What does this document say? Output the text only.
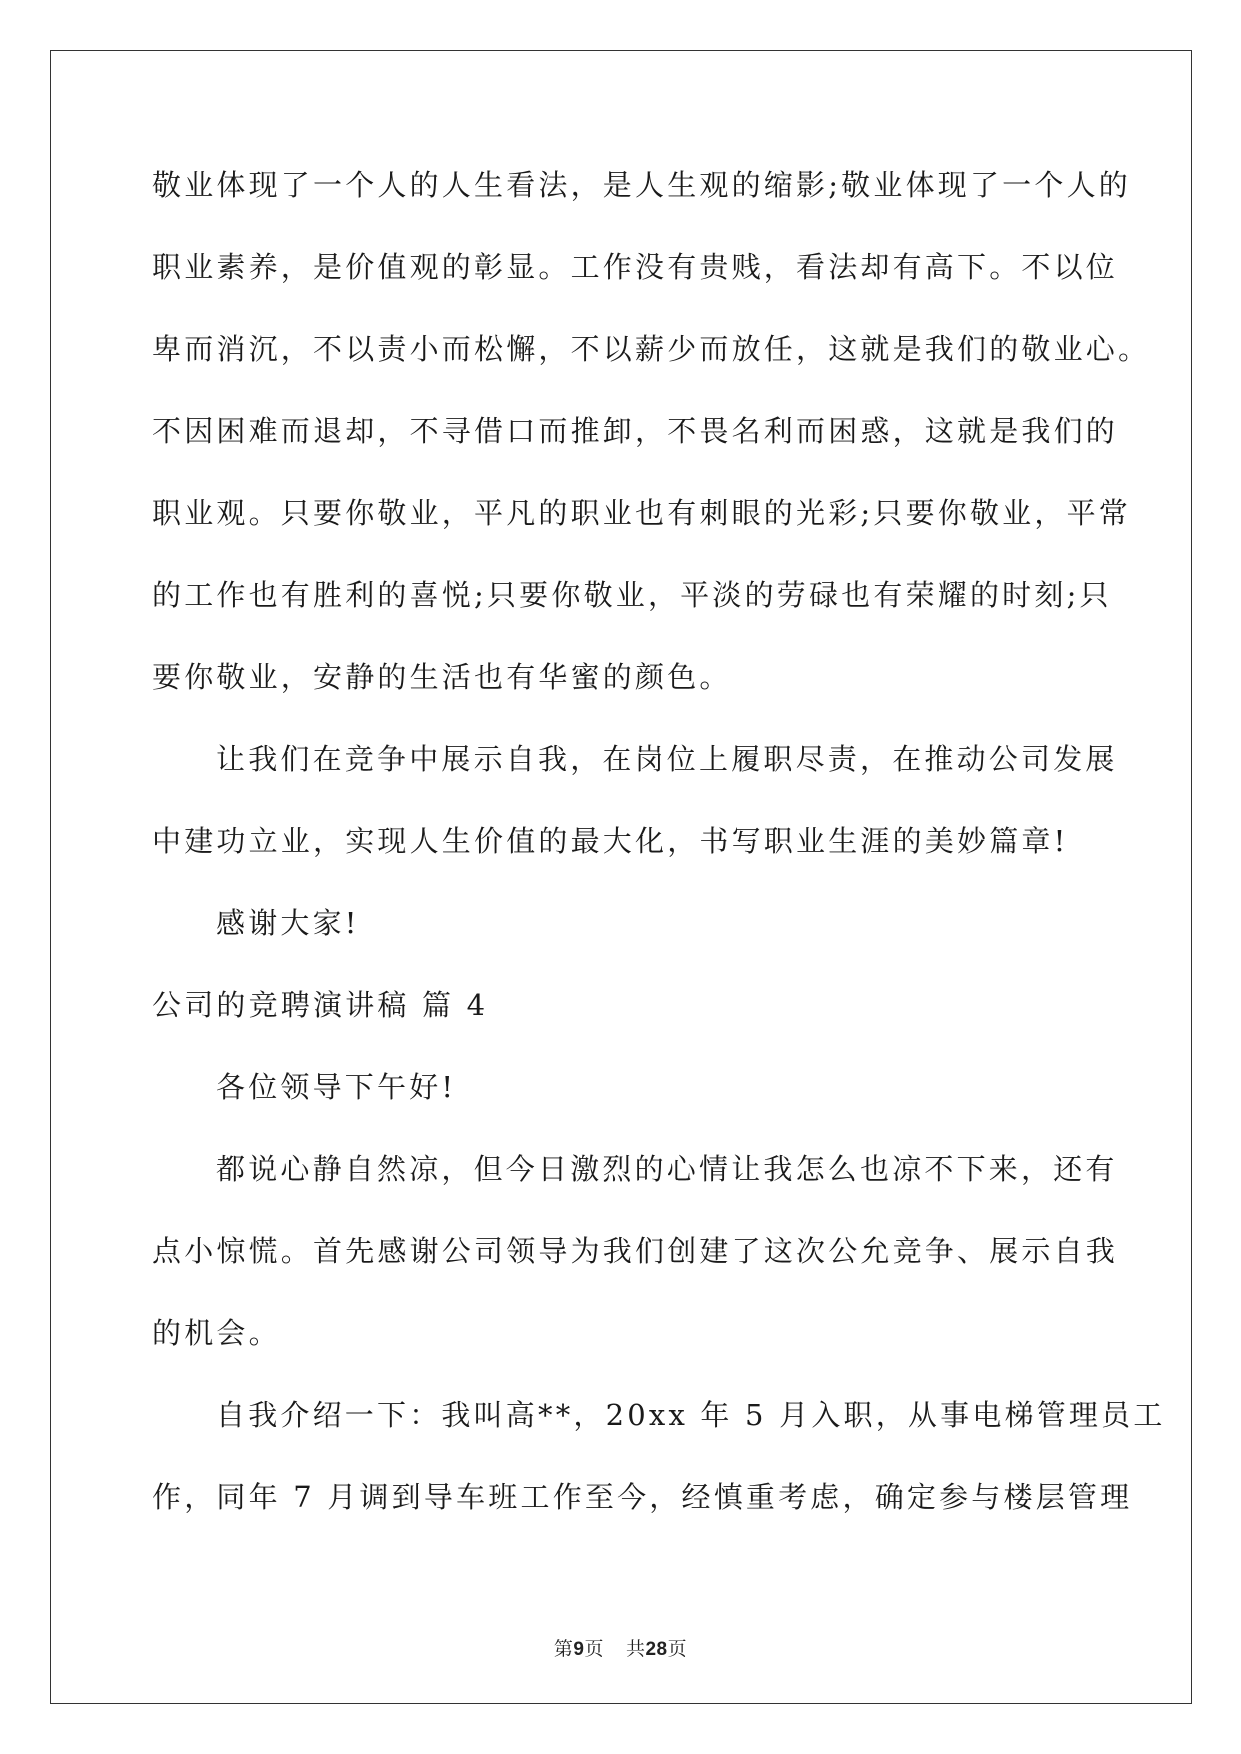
敬业体现了一个人的人生看法，是人生观的缩影;敬业体现了一个人的
职业素养，是价值观的彰显。工作没有贵贱，看法却有高下。不以位
卑而消沉，不以责小而松懈，不以薪少而放任，这就是我们的敬业心。
不因困难而退却，不寻借口而推卸，不畏名利而困惑，这就是我们的
职业观。只要你敬业，平凡的职业也有刺眼的光彩;只要你敬业，平常
的工作也有胜利的喜悦;只要你敬业，平淡的劳碌也有荣耀的时刻;只
要你敬业，安静的生活也有华蜜的颜色。
让我们在竞争中展示自我，在岗位上履职尽责，在推动公司发展
中建功立业，实现人生价值的最大化，书写职业生涯的美妙篇章!
感谢大家!
公司的竞聘演讲稿 篇 4
各位领导下午好!
都说心静自然凉，但今日激烈的心情让我怎么也凉不下来，还有
点小惊慌。首先感谢公司领导为我们创建了这次公允竞争、展示自我
的机会。
自我介绍一下：我叫高**，20xx 年 5 月入职，从事电梯管理员工
作，同年 7 月调到导车班工作至今，经慎重考虑，确定参与楼层管理
第9页 共28页
